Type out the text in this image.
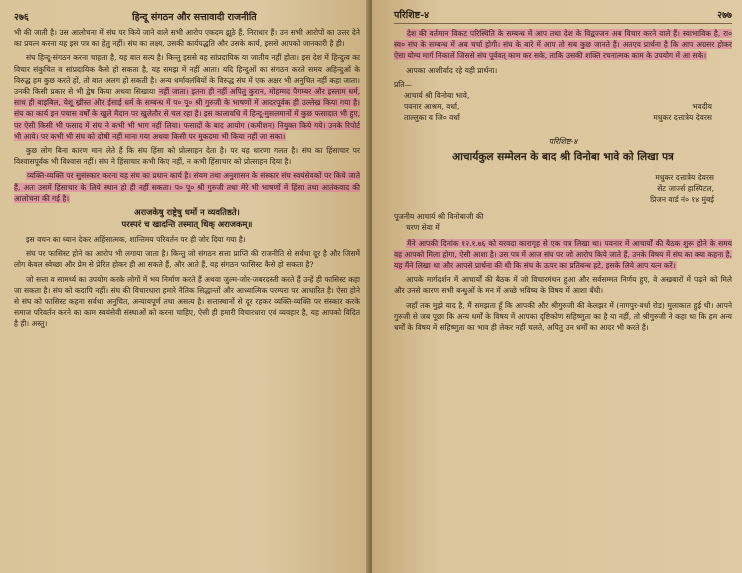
२७६	हिन्दू संगठन और सत्तावादी राजनीति

भी की जाती है। उस आलोचना में संघ पर किये जाने वाले सभी आरोप एकदम झूठे हैं, निराधार हैं। उन सभी आरोपों का उत्तर देने का प्रयत्न करना यह इस पत्र का हेतु नहीं। संघ का लक्ष्य, उसकी कार्यपद्धति और उसके कार्य, इससे आपको जानकारी है ही।

संघ हिन्दू-संगठन करना चाहता है, यह बात सत्य है। किन्तु इससे वह सांप्रदायिक या जातीय नहीं होता। इस देश में हिन्दुत्व का विचार संकुचित व सांप्रदायिक कैसे हो सकता है, यह समझ में नहीं आता। यदि हिन्दुओं का संगठन करते समय अहिन्दुओं के विरुद्ध हम कुछ करते हों, तो बात अलग हो सकती है। अन्य धर्मावलंबियों के विरुद्ध संघ में एक अक्षर भी अनुचित नहीं कहा जाता। उनकी किसी प्रकार से भी द्वेष किया अथवा सिखाया नहीं जाता। इतना ही नहीं अपितु कुरान, मोहम्मद पैगम्बर और इस्लाम धर्म, साथ ही बाइबिल, येशू ख्रीस्त और ईसाई धर्म के सम्बन्ध में प० पू० श्री गुरुजी के भाषणों में आदरपूर्वक ही उल्लेख किया गया है। संघ का कार्य इन पचास वर्षों के खुले मैदान पर खुलेतौर से चल रहा है। इस कालावधि में हिन्दू-मुसलमानों में कुछ फसादात भी हुए, पर ऐसी किसी भी फसाद में संघ ने कभी भी भाग नहीं लिया। फसादों के बाद आयोग (कमीशन) नियुक्त किये गये। उनके रिपोर्ट भी आये। पर कभी भी संघ को दोषी नहीं माना गया अथवा किसी पर मुकदमा भी किया नहीं जा सका।

कुछ लोग बिना कारण मान लेते हैं कि संघ हिंसा को प्रोत्साहन देता है। पर यह धारणा गलत है। संघ का हिंसाचार पर विश्वासपूर्वक भी विश्वास नहीं। संघ ने हिंसाचार कभी किए नहीं, न कभी हिंसाचार को प्रोत्साहन दिया है।

व्यक्ति-व्यक्ति पर सुसंस्कार करना यह संघ का प्रधान कार्य है। संयम तथा अनुशासन के संस्कार संघ स्वयंसेवकों पर किये जाते हैं, अतः उसमें हिंसाचार के लिये स्थान हो ही नहीं सकता। प० पू० श्री गुरुजी तथा मेरे भी भाषणों में हिंसा तथा आतंकवाद की आलोचना की गई है।

अराजकेषु राष्ट्रेषु धर्मो न व्यवतिष्ठते।
परस्परं च खादन्ति तस्मात् धिक् अराजकम्॥

इस वचन का ध्यान देकर अहिंसात्मक, शान्तिमय परिवर्तन पर ही जोर दिया गया है।

संघ पर फासिस्ट होने का आरोप भी लगाया जाता है। किन्तु जो संगठन सत्ता प्राप्ति की राजनीति से सर्वथा दूर है और जिसमें लोग केवल स्वेच्छा और प्रेम से प्रेरित होकर ही आ सकते हैं, और आते हैं, वह संगठन फासिस्ट कैसे हो सकता है?

जो सत्ता व सामर्थ्य का उपयोग करके लोगों में भय निर्माण करते हैं अथवा जुल्म-जोर-जबरदस्ती करते हैं उन्हें ही फासिस्ट कहा जा सकता है। संघ को कदापि नहीं। संघ की विचारधारा हमारे नैतिक सिद्धान्तों और आध्यात्मिक परम्परा पर आधारित है। ऐसा होने से संघ को फासिस्ट कहना सर्वथा अनुचित, अन्यायपूर्ण तथा असत्य है। सत्तास्थानों से दूर रहकर व्यक्ति-व्यक्ति पर संस्कार करके समाज परिवर्तन करने का काम स्वयंसेवी संस्थाओं को करना चाहिए, ऐसी ही हमारी विचारधारा एवं व्यवहार है, यह आपको विदित है ही। अस्तु।

परिशिष्ट-४	२७७

देश की वर्तमान विकट परिस्थिति के सम्बन्ध में आप तथा देश के विद्वज्जन अब विचार करने वाले हैं। स्वाभाविक है, रा० स्व० संघ के सम्बन्ध में अब चर्चा होगी। संघ के बारे में आप तो सब कुछ जानते हैं। अतएव प्रार्थना है कि आप अग्रसर होकर ऐसा योग्य मार्ग निकालें जिससे संघ पूर्ववत् काम कर सके, ताकि उसकी शक्ति रचनात्मक काम के उपयोग में आ सके।

आपका आशीर्वाद रहे यही प्रार्थना।

प्रति—
आचार्य श्री विनोबा भावे,
पवनार आश्रम, वर्धा,	भवदीय
ताल्लुका व जि० वर्धा	मधुकर दत्तात्रेय देवरस
परिशिष्ट-४
आचार्यकुल सम्मेलन के बाद श्री विनोबा भावे को लिखा पत्र
मधुकर दत्तात्रेय देवरस
सेंट जार्ज्स हास्पिटल,
प्रिजन वार्ड नं० १४ मुंबई
पूजनीय आचार्य श्री विनोबाजी की
चरण सेवा में

मैंने आपकी दिनांक १२.१.७६ को यरवदा कारागृह से एक पत्र लिखा था। पवनार में आचार्यों की बैठक शुरू होने के समय वह आपको मिला होगा, ऐसी आशा है। उस पत्र में आज संघ पर जो आरोप किये जाते हैं, उनके विषय में संघ का क्या कहना है, यह मैंने लिखा था और आपसे प्रार्थना की थी कि संघ के ऊपर का प्रतिबन्ध हटे, इसके लिये आप यत्न करें।

आपके मार्गदर्शन में आचार्यों की बैठक में जो विचारमंथन हुआ और सर्वसम्मत निर्णय हुए, वे अखबारों में पढ़ने को मिले और उनसे कारण सभी बन्धुओं के मन में अच्छे भविष्य के विषय में आशा बँधी।

जहाँ तक मुझे याद है, मैं समझता हूँ कि आपकी और श्रीगुरुजी की केलझर में (नागपुर-वर्धा रोड) मुलाकात हुई थी। आपने गुरुजी से जब पूछा कि अन्य धर्मों के विषय में आपका दृष्टिकोण सहिष्णुता का है या नहीं, तो श्रीगुरुजी ने कहा था कि हम अन्य धर्मों के विषय में सहिष्णुता का भाव ही लेकर नहीं चलते, अपितु उन धर्मों का आदर भी करते हैं।
